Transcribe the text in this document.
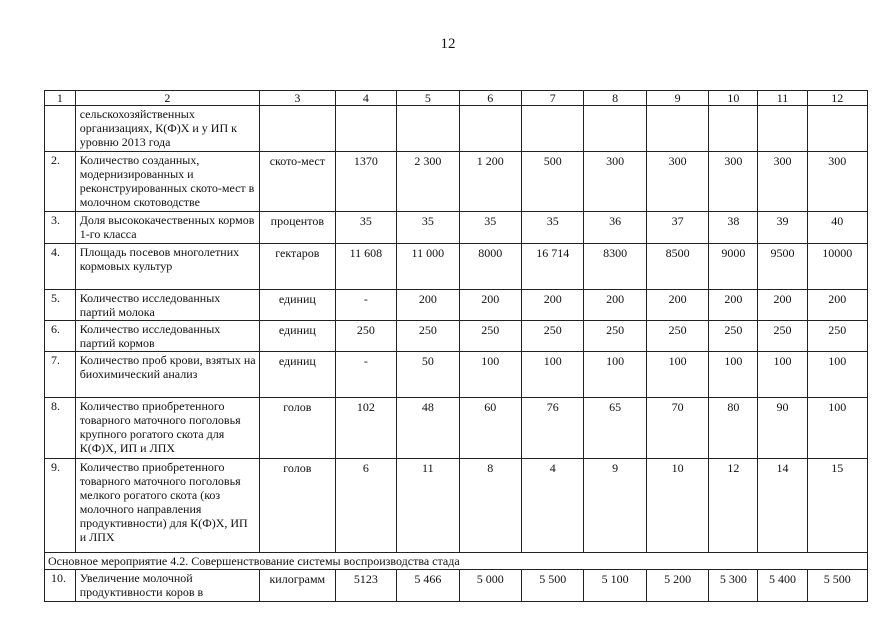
12
1	2	3	4	5	6	7	8	9	10	11	12
	сельскохозяйственных организациях, К(Ф)Х и у ИП к уровню 2013 года										
2.	Количество созданных, модернизированных и реконструированных ското-мест в молочном скотоводстве	ското-мест	1370	2 300	1 200	500	300	300	300	300	300
3.	Доля высококачественных кормов 1-го класса	процентов	35	35	35	35	36	37	38	39	40
4.	Площадь посевов многолетних кормовых культур	гектаров	11 608	11 000	8000	16 714	8300	8500	9000	9500	10000
5.	Количество исследованных партий молока	единиц	-	200	200	200	200	200	200	200	200
6.	Количество исследованных партий кормов	единиц	250	250	250	250	250	250	250	250	250
7.	Количество проб крови, взятых на биохимический анализ	единиц	-	50	100	100	100	100	100	100	100
8.	Количество приобретенного товарного маточного поголовья крупного рогатого скота для К(Ф)Х, ИП и ЛПХ	голов	102	48	60	76	65	70	80	90	100
9.	Количество приобретенного товарного маточного поголовья мелкого рогатого скота (коз молочного направления продуктивности) для К(Ф)Х, ИП и ЛПХ	голов	6	11	8	4	9	10	12	14	15
Основное мероприятие 4.2. Совершенствование системы воспроизводства стада											
10.	Увеличение молочной продуктивности коров в	килограмм	5123	5 466	5 000	5 500	5 100	5 200	5 300	5 400	5 500
